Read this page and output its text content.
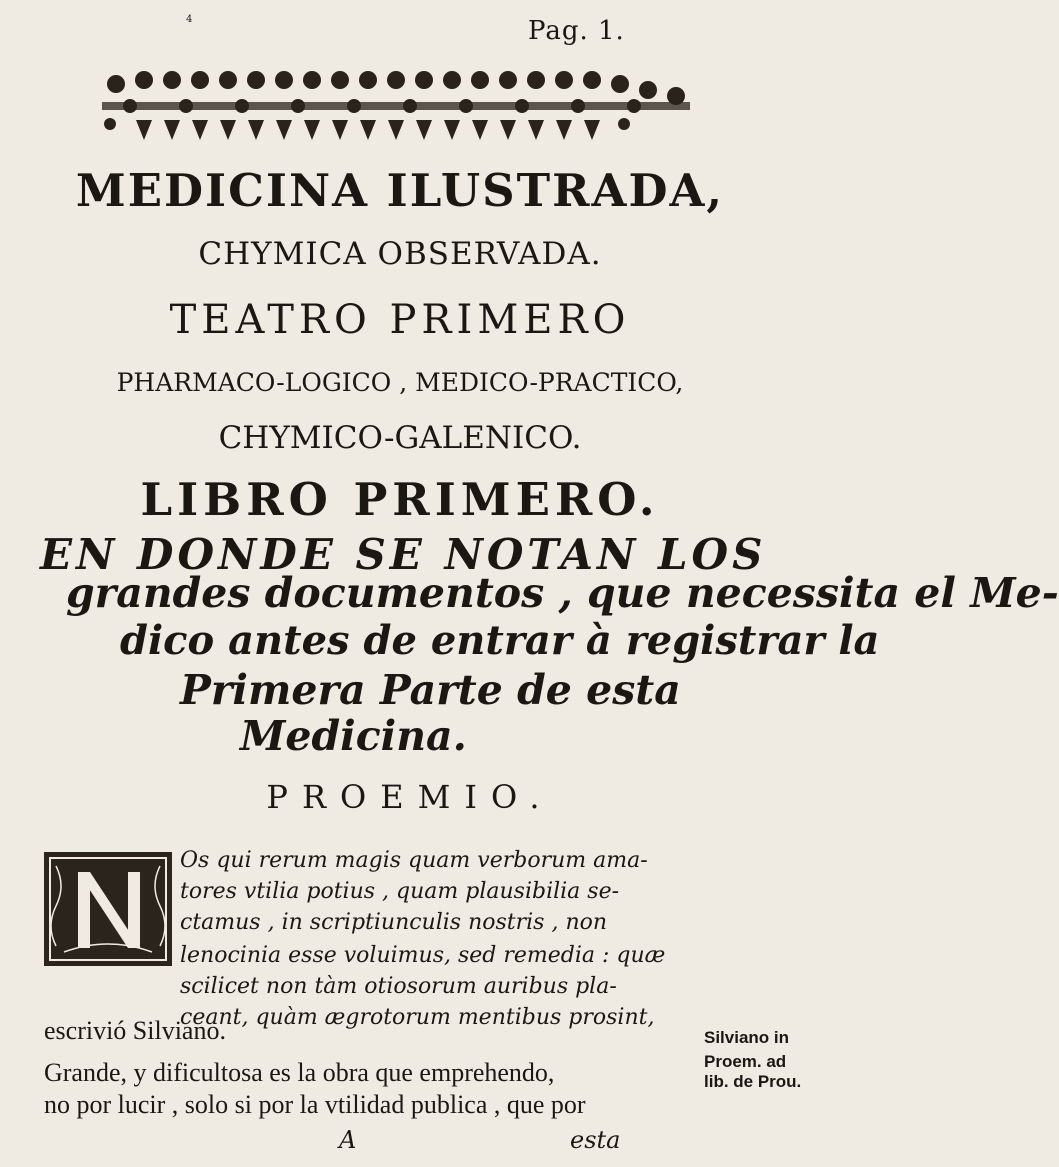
4	Pag. 1.
MEDICINA ILUSTRADA,
CHYMICA OBSERVADA.
TEATRO PRIMERO
PHARMACO-LOGICO , MEDICO-PRACTICO,
CHYMICO-GALENICO.
LIBRO PRIMERO.
EN DONDE SE NOTAN LOS
grandes documentos , que necessita el Me-
dico antes de entrar à registrar la
Primera Parte de esta
Medicina.
PROEMIO.
Os qui rerum magis quam verborum ama-
tores vtilia potius , quam plausibilia se-
ctamus , in scriptiunculis nostris , non
lenocinia esse voluimus, sed remedia : quæ
scilicet non tàm otiosorum auribus pla-
ceant, quàm ægrotorum mentibus prosint,
escrivió Silviano.
Grande, y dificultosa es la obra que emprehendo,
no por lucir , solo si por la vtilidad publica , que por
Silviano in
Proem. ad
lib. de Prou.
A	esta
